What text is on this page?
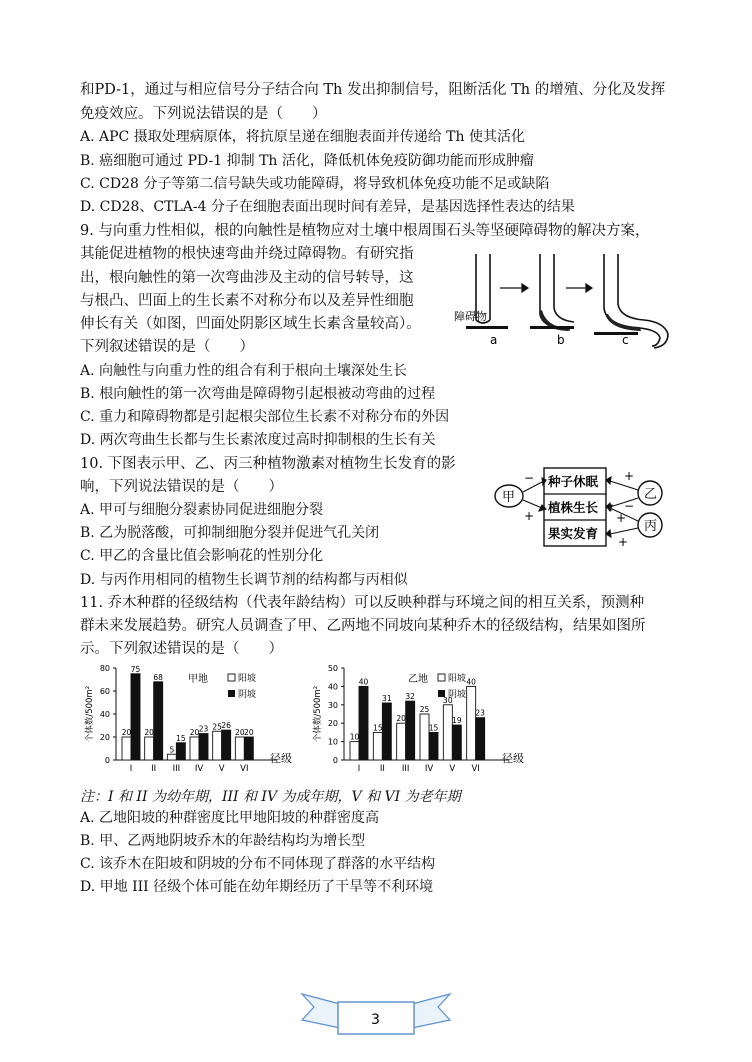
和PD-1，通过与相应信号分子结合向 Th 发出抑制信号，阻断活化 Th 的增殖、分化及发挥
免疫效应。下列说法错误的是（　　）
A. APC 摄取处理病原体，将抗原呈递在细胞表面并传递给 Th 使其活化
B. 癌细胞可通过 PD-1 抑制 Th 活化，降低机体免疫防御功能而形成肿瘤
C. CD28 分子等第二信号缺失或功能障碍，将导致机体免疫功能不足或缺陷
D. CD28、CTLA-4 分子在细胞表面出现时间有差异，是基因选择性表达的结果
9. 与向重力性相似，根的向触性是植物应对土壤中根周围石头等坚硬障碍物的解决方案，
其能促进植物的根快速弯曲并绕过障碍物。有研究指
出，根向触性的第一次弯曲涉及主动的信号转导，这
与根凸、凹面上的生长素不对称分布以及差异性细胞
伸长有关（如图，凹面处阴影区域生长素含量较高）。
下列叙述错误的是（　　）
A. 向触性与向重力性的组合有利于根向土壤深处生长
B. 根向触性的第一次弯曲是障碍物引起根被动弯曲的过程
C. 重力和障碍物都是引起根尖部位生长素不对称分布的外因
D. 两次弯曲生长都与生长素浓度过高时抑制根的生长有关
障碍物
a	b	c
10. 下图表示甲、乙、丙三种植物激素对植物生长发育的影
响，下列说法错误的是（　　）
A. 甲可与细胞分裂素协同促进细胞分裂
B. 乙为脱落酸，可抑制细胞分裂并促进气孔关闭
C. 甲乙的含量比值会影响花的性别分化
D. 与丙作用相同的植物生长调节剂的结构都与丙相似
甲	乙
丙
种子休眠
植株生长
果实发育
−
+
+
−
+
+
11. 乔木种群的径级结构（代表年龄结构）可以反映种群与环境之间的相互关系，预测种
群未来发展趋势。研究人员调查了甲、乙两地不同坡向某种乔木的径级结构，结果如图所
示。下列叙述错误的是（　　）
0
20
40
60
80
个体数/500m²
甲地	阳坡
阴坡
20
75
I
20
68
II
5
15
III
20 23
IV
25 26
V
20 20
VI
径级	0
10
20
30
40
50
个体数/500m²
乙地 阳坡
阴坡
10
40
I
15
31
II
20
32
III
25
15
IV
30
19
V
40
23
VI
径级
注：I 和 II 为幼年期，III 和 IV 为成年期，V 和 VI 为老年期
A. 乙地阳坡的种群密度比甲地阳坡的种群密度高
B. 甲、乙两地阴坡乔木的年龄结构均为增长型
C. 该乔木在阳坡和阴坡的分布不同体现了群落的水平结构
D. 甲地 III 径级个体可能在幼年期经历了干旱等不利环境
3
